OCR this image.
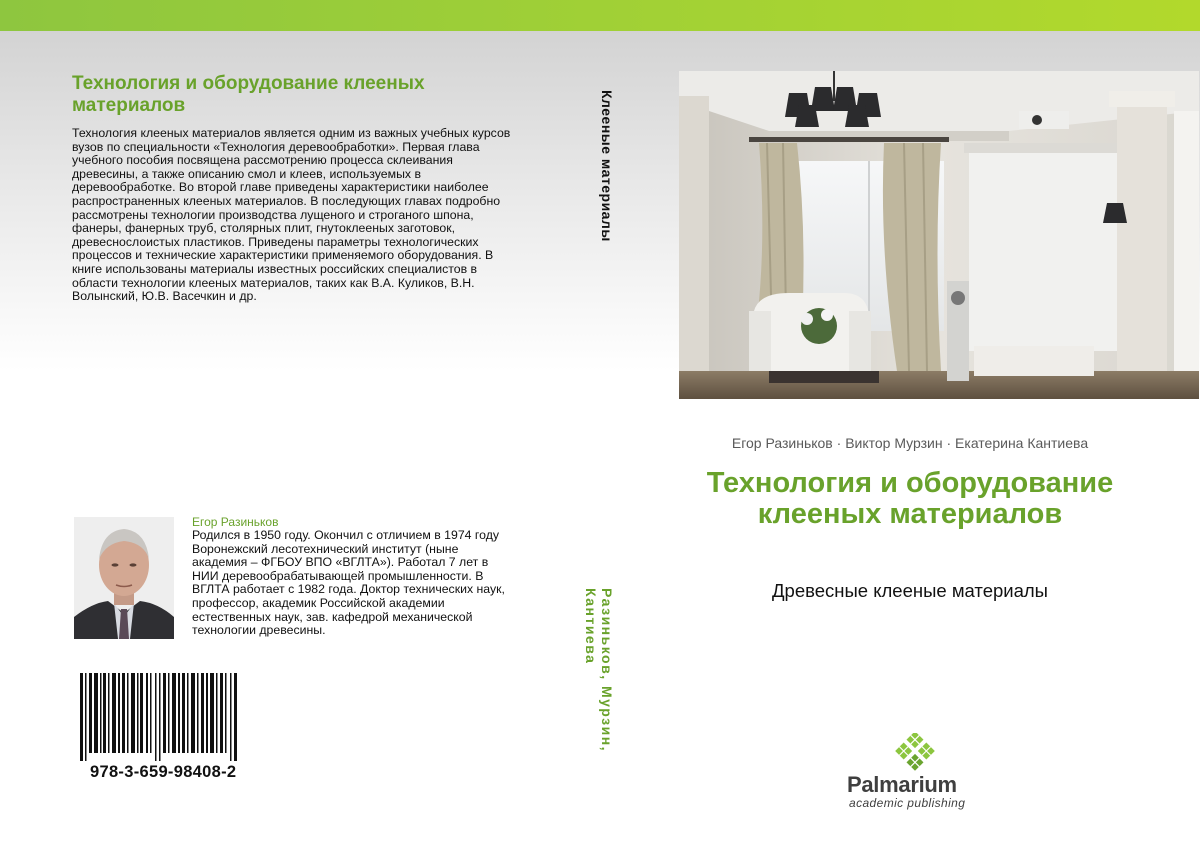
Технология и оборудование клееных материалов
Технология клееных материалов является одним из важных учебных курсов вузов по специальности «Технология деревообработки». Первая глава учебного пособия посвящена рассмотрению процесса склеивания древесины, а также описанию смол и клеев, используемых в деревообработке. Во второй главе приведены характеристики наиболее распространенных клееных материалов. В последующих главах подробно рассмотрены технологии производства лущеного и строганого шпона, фанеры, фанерных труб, столярных плит, гнутоклееных заготовок, древеснослоистых пластиков. Приведены параметры технологических процессов и технические характеристики применяемого оборудования. В книге использованы материалы известных российских специалистов в области технологии клееных материалов, таких как В.А. Куликов, В.Н. Волынский, Ю.В. Васечкин и др.
Егор Разиньков
Родился в 1950 году. Окончил с отличием в 1974 году Воронежский лесотехнический институт (ныне академия – ФГБОУ ВПО «ВГЛТА»). Работал 7 лет в НИИ деревообрабатывающей промышленности. В ВГЛТА работает с 1982 года. Доктор технических наук, профессор, академик Российской академии естественных наук, зав. кафедрой механической технологии древесины.
978-3-659-98408-2
Клееные материалы
Разиньков, Мурзин, Кантиева
Егор Разиньков · Виктор Мурзин · Екатерина Кантиева
Технология и оборудование клееных материалов
Древесные клееные материалы
Palmarium
academic publishing
